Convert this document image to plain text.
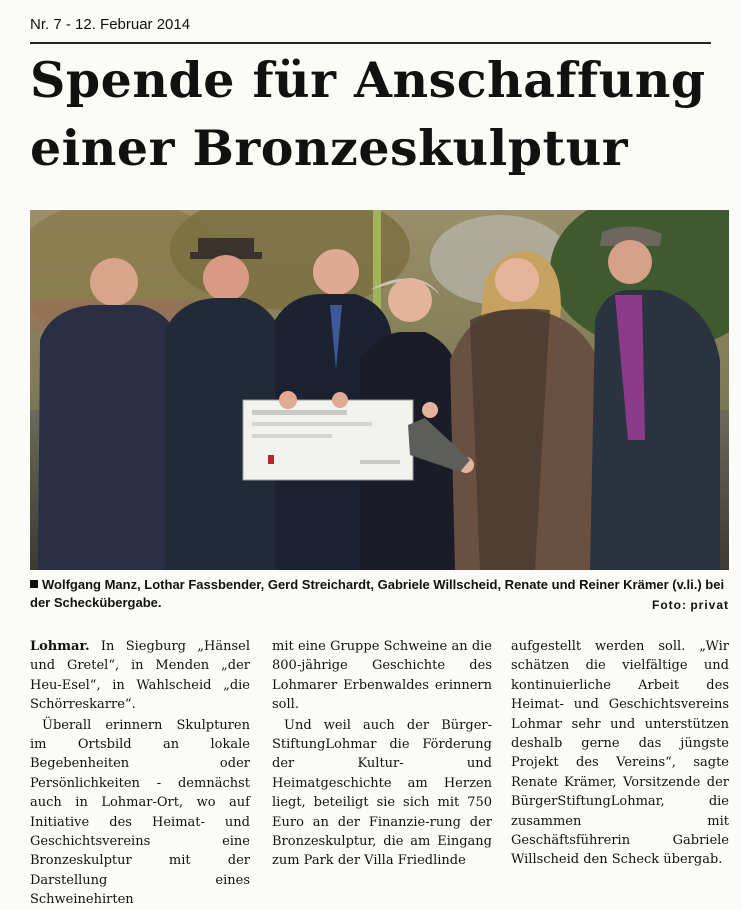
Nr. 7 - 12. Februar 2014
Spende für Anschaffung
einer Bronzeskulptur
Wolfgang Manz, Lothar Fassbender, Gerd Streichardt, Gabriele Willscheid, Renate und Reiner Krämer (v.li.) bei der Scheckübergabe.	Foto: privat

Lohmar. In Siegburg „Hänsel und Gretel“, in Menden „der Heu-Esel“, in Wahlscheid „die Schörreskarre“.

Überall erinnern Skulpturen im Ortsbild an lokale Begebenheiten oder Persönlichkeiten - demnächst auch in Lohmar-Ort, wo auf Initiative des Heimat- und Geschichtsvereins eine Bronzeskulptur mit der Darstellung eines Schweinehirten

mit eine Gruppe Schweine an die 800-jährige Geschichte des Lohmarer Erbenwaldes erinnern soll.

Und weil auch der Bürger-StiftungLohmar die Förderung der Kultur- und Heimatgeschichte am Herzen liegt, beteiligt sie sich mit 750 Euro an der Finanzie-rung der Bronzeskulptur, die am Eingang zum Park der Villa Friedlinde

aufgestellt werden soll. „Wir schätzen die vielfältige und kontinuierliche Arbeit des Heimat- und Geschichtsvereins Lohmar sehr und unterstützen deshalb gerne das jüngste Projekt des Vereins“, sagte Renate Krämer, Vorsitzende der BürgerStiftungLohmar, die zusammen mit Geschäftsführerin Gabriele Willscheid den Scheck übergab.
